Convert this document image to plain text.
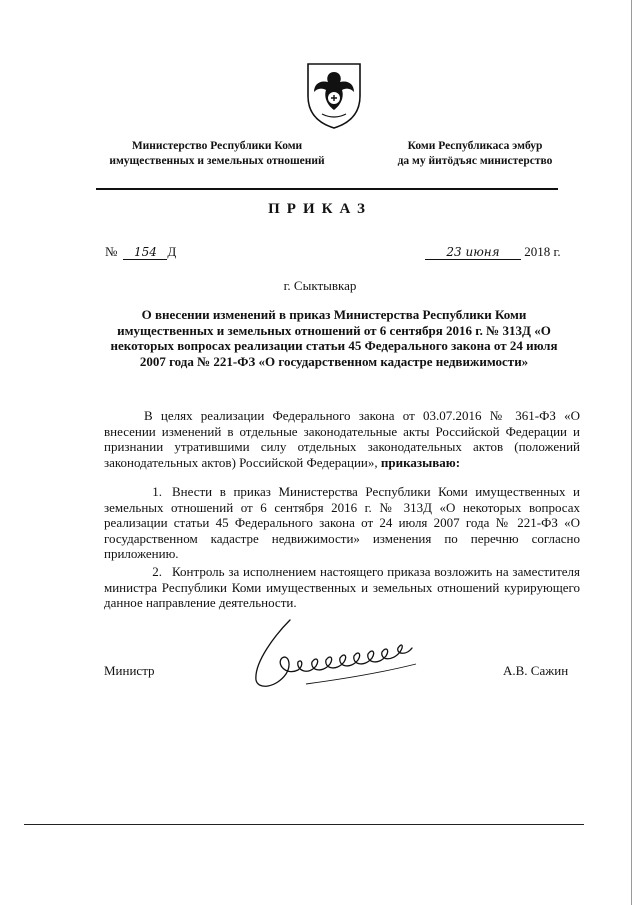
Министерство Республики Коми
имущественных и земельных отношений
Коми Республикаса эмбур
да му йитӧдъяс министерство
ПРИКАЗ
№ 154 Д	23 июня 2018 г.
г. Сыктывкар
О внесении изменений в приказ Министерства Республики Коми имущественных и земельных отношений от 6 сентября 2016 г. № 313Д «О некоторых вопросах реализации статьи 45 Федерального закона от 24 июля 2007 года № 221-ФЗ «О государственном кадастре недвижимости»
В целях реализации Федерального закона от 03.07.2016 № 361-ФЗ «О внесении изменений в отдельные законодательные акты Российской Федерации и признании утратившими силу отдельных законодательных актов (положений законодательных актов) Российской Федерации», приказываю:
1. Внести в приказ Министерства Республики Коми имущественных и земельных отношений от 6 сентября 2016 г. № 313Д «О некоторых вопросах реализации статьи 45 Федерального закона от 24 июля 2007 года № 221-ФЗ «О государственном кадастре недвижимости» изменения по перечню согласно приложению.
2. Контроль за исполнением настоящего приказа возложить на заместителя министра Республики Коми имущественных и земельных отношений курирующего данное направление деятельности.
Министр	А.В. Сажин
